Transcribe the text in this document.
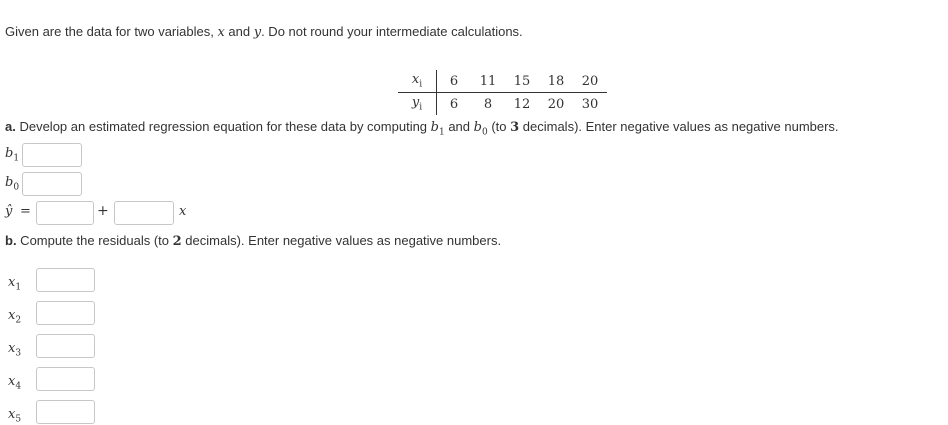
Given are the data for two variables, x and y. Do not round your intermediate calculations.
$x_i$	6	11	15	18	20
$y_i$	6	8	12	20	30
a. Develop an estimated regression equation for these data by computing $b_1$ and $b_0$ (to 3 decimals). Enter negative values as negative numbers.
$b_1$
$b_0$
ŷ =	+	x
b. Compute the residuals (to 2 decimals). Enter negative values as negative numbers.
$x_1$
$x_2$
$x_3$
$x_4$
$x_5$
